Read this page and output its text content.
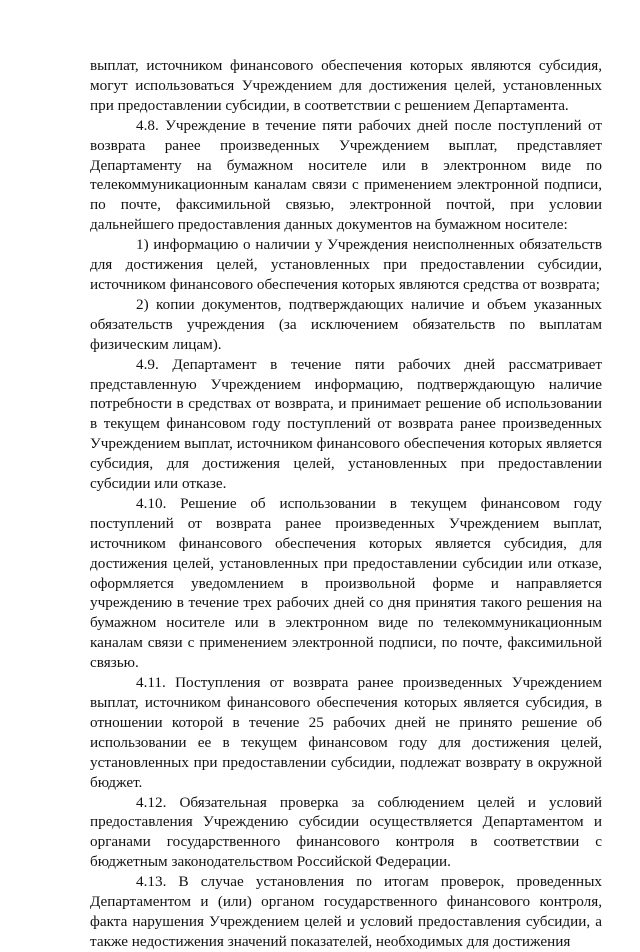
выплат, источником финансового обеспечения которых являются субсидия, могут использоваться Учреждением для достижения целей, установленных при предоставлении субсидии, в соответствии с решением Департамента.

4.8. Учреждение в течение пяти рабочих дней после поступлений от возврата ранее произведенных Учреждением выплат, представляет Департаменту на бумажном носителе или в электронном виде по телекоммуникационным каналам связи с применением электронной подписи, по почте, факсимильной связью, электронной почтой, при условии дальнейшего предоставления данных документов на бумажном носителе:

1) информацию о наличии у Учреждения неисполненных обязательств для достижения целей, установленных при предоставлении субсидии, источником финансового обеспечения которых являются средства от возврата;

2) копии документов, подтверждающих наличие и объем указанных обязательств учреждения (за исключением обязательств по выплатам физическим лицам).

4.9. Департамент в течение пяти рабочих дней рассматривает представленную Учреждением информацию, подтверждающую наличие потребности в средствах от возврата, и принимает решение об использовании в текущем финансовом году поступлений от возврата ранее произведенных Учреждением выплат, источником финансового обеспечения которых является субсидия, для достижения целей, установленных при предоставлении субсидии или отказе.

4.10. Решение об использовании в текущем финансовом году поступлений от возврата ранее произведенных Учреждением выплат, источником финансового обеспечения которых является субсидия, для достижения целей, установленных при предоставлении субсидии или отказе, оформляется уведомлением в произвольной форме и направляется учреждению в течение трех рабочих дней со дня принятия такого решения на бумажном носителе или в электронном виде по телекоммуникационным каналам связи с применением электронной подписи, по почте, факсимильной связью.

4.11. Поступления от возврата ранее произведенных Учреждением выплат, источником финансового обеспечения которых является субсидия, в отношении которой в течение 25 рабочих дней не принято решение об использовании ее в текущем финансовом году для достижения целей, установленных при предоставлении субсидии, подлежат возврату в окружной бюджет.

4.12. Обязательная проверка за соблюдением целей и условий предоставления Учреждению субсидии осуществляется Департаментом и органами государственного финансового контроля в соответствии с бюджетным законодательством Российской Федерации.

4.13. В случае установления по итогам проверок, проведенных Департаментом и (или) органом государственного финансового контроля, факта нарушения Учреждением целей и условий предоставления субсидии, а также недостижения значений показателей, необходимых для достижения
